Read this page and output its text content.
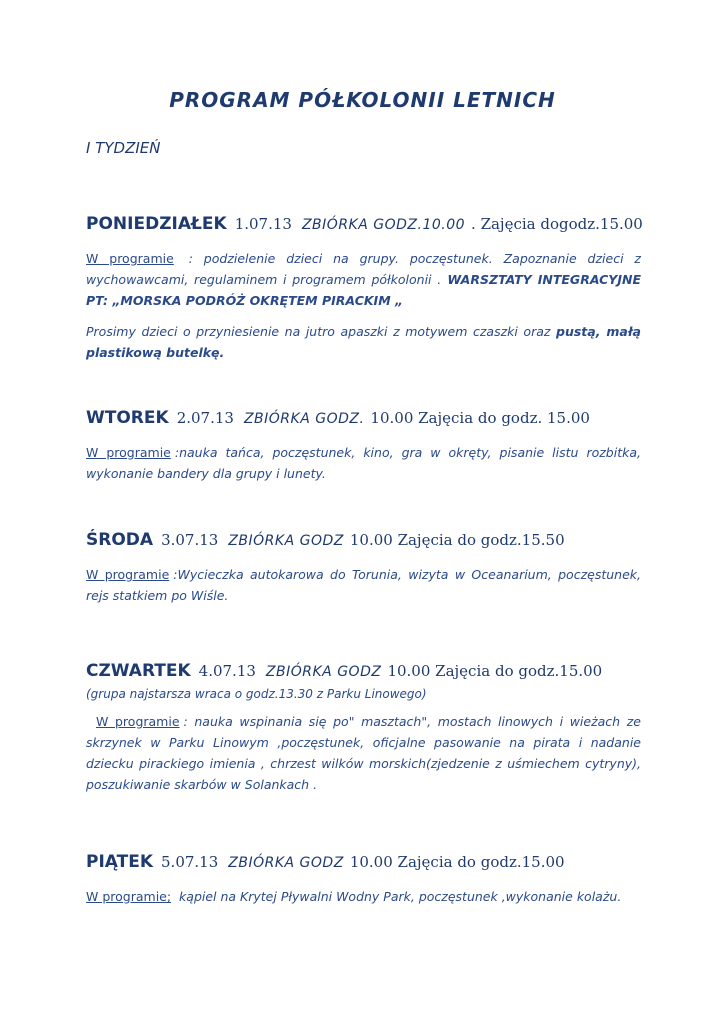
PROGRAM PÓŁKOLONII LETNICH
I TYDZIEŃ
PONIEDZIAŁEK 1.07.13 ZBIÓRKA GODZ.10.00 . Zajęcia dogodz.15.00
W programie : podzielenie dzieci na grupy. poczęstunek. Zapoznanie dzieci z wychowawcami, regulaminem i programem półkolonii . WARSZTATY INTEGRACYJNE PT: „MORSKA PODRÓŻ OKRĘTEM PIRACKIM „
Prosimy dzieci o przyniesienie na jutro apaszki z motywem czaszki oraz pustą, małą plastikową butelkę.
WTOREK 2.07.13 ZBIÓRKA GODZ. 10.00 Zajęcia do godz. 15.00
W programie :nauka tańca, poczęstunek, kino, gra w okręty, pisanie listu rozbitka, wykonanie bandery dla grupy i lunety.
ŚRODA 3.07.13 ZBIÓRKA GODZ 10.00 Zajęcia do godz.15.50
W programie :Wycieczka autokarowa do Torunia, wizyta w Oceanarium, poczęstunek, rejs statkiem po Wiśle.
CZWARTEK 4.07.13 ZBIÓRKA GODZ 10.00 Zajęcia do godz.15.00
(grupa najstarsza wraca o godz.13.30 z Parku Linowego)
W programie : nauka wspinania się po" masztach", mostach linowych i wieżach ze skrzynek w Parku Linowym ,poczęstunek, oficjalne pasowanie na pirata i nadanie dziecku pirackiego imienia , chrzest wilków morskich(zjedzenie z uśmiechem cytryny), poszukiwanie skarbów w Solankach .
PIĄTEK 5.07.13 ZBIÓRKA GODZ 10.00 Zajęcia do godz.15.00
W programie; kąpiel na Krytej Pływalni Wodny Park, poczęstunek ,wykonanie kolażu.
